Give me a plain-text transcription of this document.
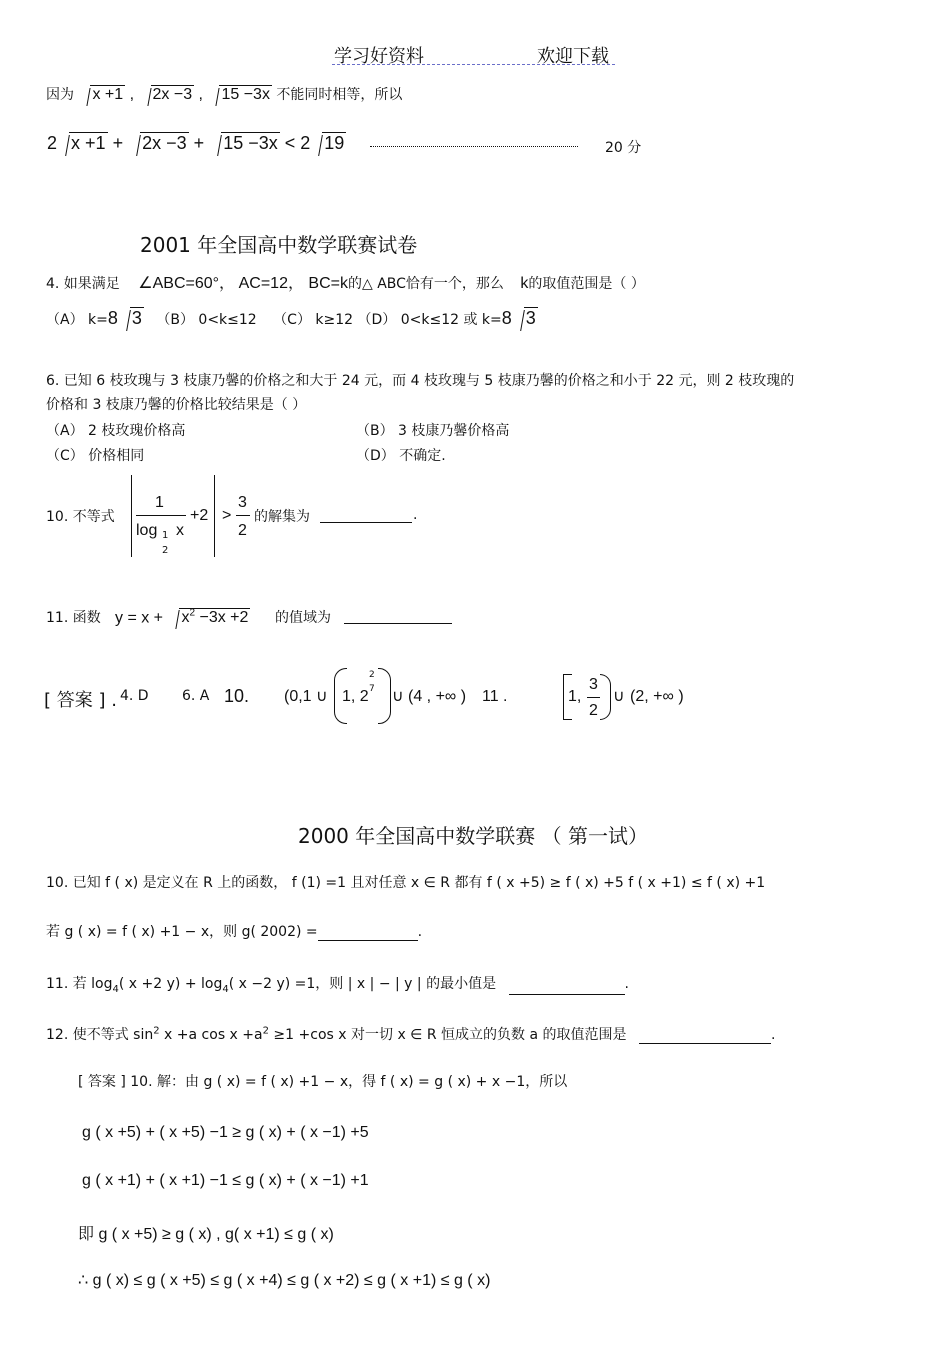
学习好资料	欢迎下载
因为 x +1 , 2x −3 , 15 −3x 不能同时相等，所以
2 x +1 + 2x −3 + 15 −3x < 2 19	20 分
2001 年全国高中数学联赛试卷
4. 如果满足 ∠ABC=60°， AC=12， BC=k的△ ABC恰有一个，那么 k的取值范围是（ ）
（A） k=8 3 （B） 0<k≤12 （C） k≥12 （D） 0<k≤12 或 k=8 3
6. 已知 6 枝玫瑰与 3 枝康乃馨的价格之和大于 24 元，而 4 枝玫瑰与 5 枝康乃馨的价格之和小于 22 元，则 2 枝玫瑰的
价格和 3 枝康乃馨的价格比较结果是（ ）
（A） 2 枝玫瑰价格高	（B） 3 枝康乃馨价格高
（C） 价格相同	（D） 不确定.
10. 不等式
1
log 1
2
x
+2 >
3
2
的解集为	.
11. 函数 $y = x + x^2 -3x +2$ 的值域为
[ 答案 ] . 4. D 6. A 10. (0,1 ∪ 1, 2
2
7 ∪ (4 , +∞ ) 11 .	1,
3
2
∪ (2, +∞ )
2000 年全国高中数学联赛 （ 第一试）
10. 已知 f ( x) 是定义在 R 上的函数， f (1) =1 且对任意 x ∈ R 都有 f ( x +5) ≥ f ( x) +5 f ( x +1) ≤ f ( x) +1
若 g ( x) = f ( x) +1 − x，则 g( 2002) =	.
11. 若 $\log_4$( x +2 $y) + \log_4$( x −2 y) =1，则 | x | − | y | 的最小值是	.
12. 使不等式 $\sin^2 x +a$ $\cos x +a^2 \ge 1 +\cos$ x 对一切 x ∈ R 恒成立的负数 a 的取值范围是	.
[ 答案 ] 10. 解：由 g ( x) = f ( x) +1 − x，得 f ( x) = g ( x) + x −1，所以
g ( x +5) + ( x +5) −1 ≥ g ( x) + ( x −1) +5
g ( x +1) + ( x +1) −1 ≤ g ( x) + ( x −1) +1
即 g ( x +5) ≥ g ( x) , g( x +1) ≤ g ( x)
∴ g ( x) ≤ g ( x +5) ≤ g ( x +4) ≤ g ( x +2) ≤ g ( x +1) ≤ g ( x)
